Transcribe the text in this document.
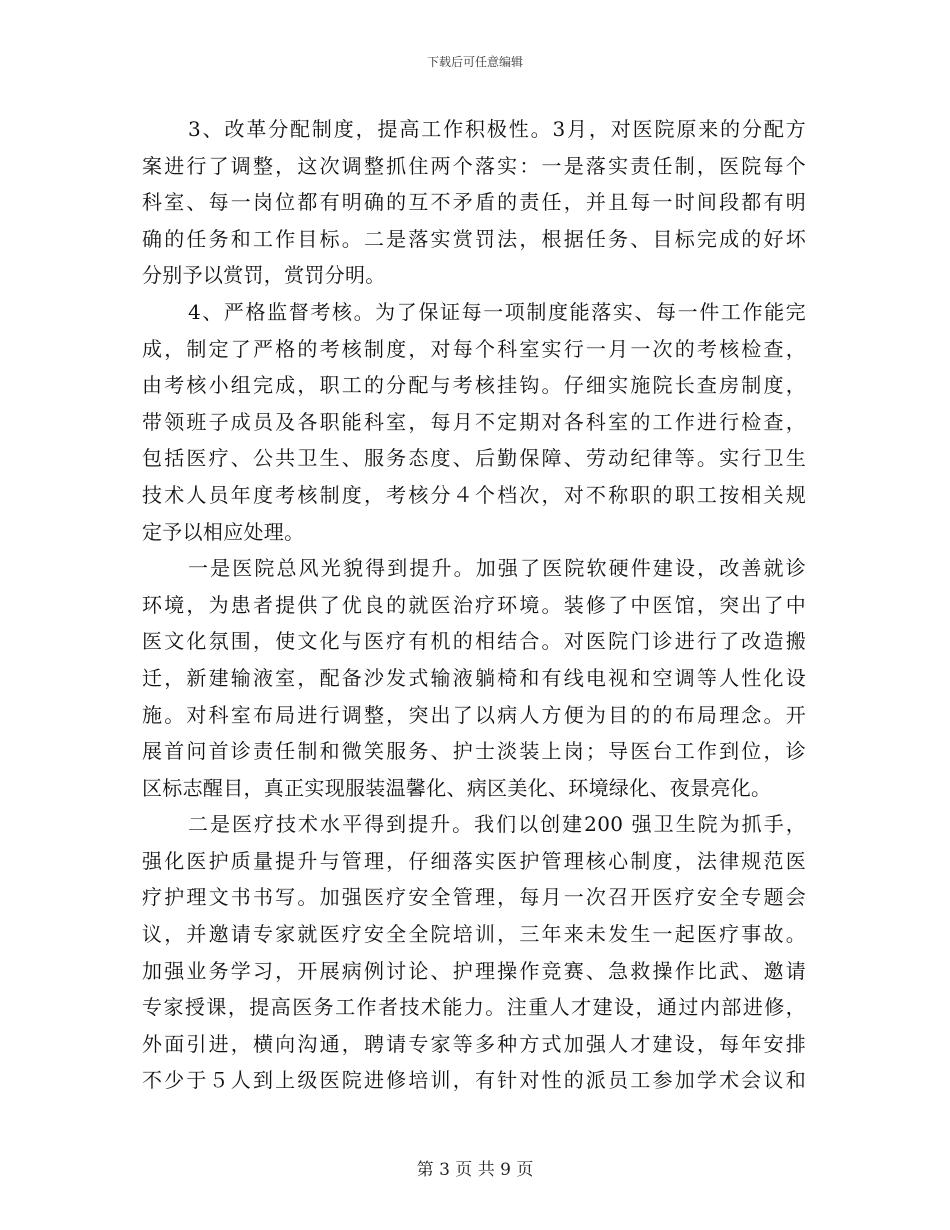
下载后可任意编辑
3、改革分配制度，提高工作积极性。3月，对医院原来的分配方
案进行了调整，这次调整抓住两个落实：一是落实责任制，医院每个
科室、每一岗位都有明确的互不矛盾的责任，并且每一时间段都有明
确的任务和工作目标。二是落实赏罚法，根据任务、目标完成的好坏
分别予以赏罚，赏罚分明。
4、严格监督考核。为了保证每一项制度能落实、每一件工作能完
成，制定了严格的考核制度，对每个科室实行一月一次的考核检查，
由考核小组完成，职工的分配与考核挂钩。仔细实施院长查房制度，
带领班子成员及各职能科室，每月不定期对各科室的工作进行检查，
包括医疗、公共卫生、服务态度、后勤保障、劳动纪律等。实行卫生
技术人员年度考核制度，考核分４个档次，对不称职的职工按相关规
定予以相应处理。
一是医院总风光貌得到提升。加强了医院软硬件建设，改善就诊
环境，为患者提供了优良的就医治疗环境。装修了中医馆，突出了中
医文化氛围，使文化与医疗有机的相结合。对医院门诊进行了改造搬
迁，新建输液室，配备沙发式输液躺椅和有线电视和空调等人性化设
施。对科室布局进行调整，突出了以病人方便为目的的布局理念。开
展首问首诊责任制和微笑服务、护士淡装上岗；导医台工作到位，诊
区标志醒目，真正实现服装温馨化、病区美化、环境绿化、夜景亮化。
二是医疗技术水平得到提升。我们以创建200 强卫生院为抓手，
强化医护质量提升与管理，仔细落实医护管理核心制度，法律规范医
疗护理文书书写。加强医疗安全管理，每月一次召开医疗安全专题会
议，并邀请专家就医疗安全全院培训，三年来未发生一起医疗事故。
加强业务学习，开展病例讨论、护理操作竞赛、急救操作比武、邀请
专家授课，提高医务工作者技术能力。注重人才建设，通过内部进修，
外面引进，横向沟通，聘请专家等多种方式加强人才建设，每年安排
不少于５人到上级医院进修培训，有针对性的派员工参加学术会议和
第 3 页 共 9 页
